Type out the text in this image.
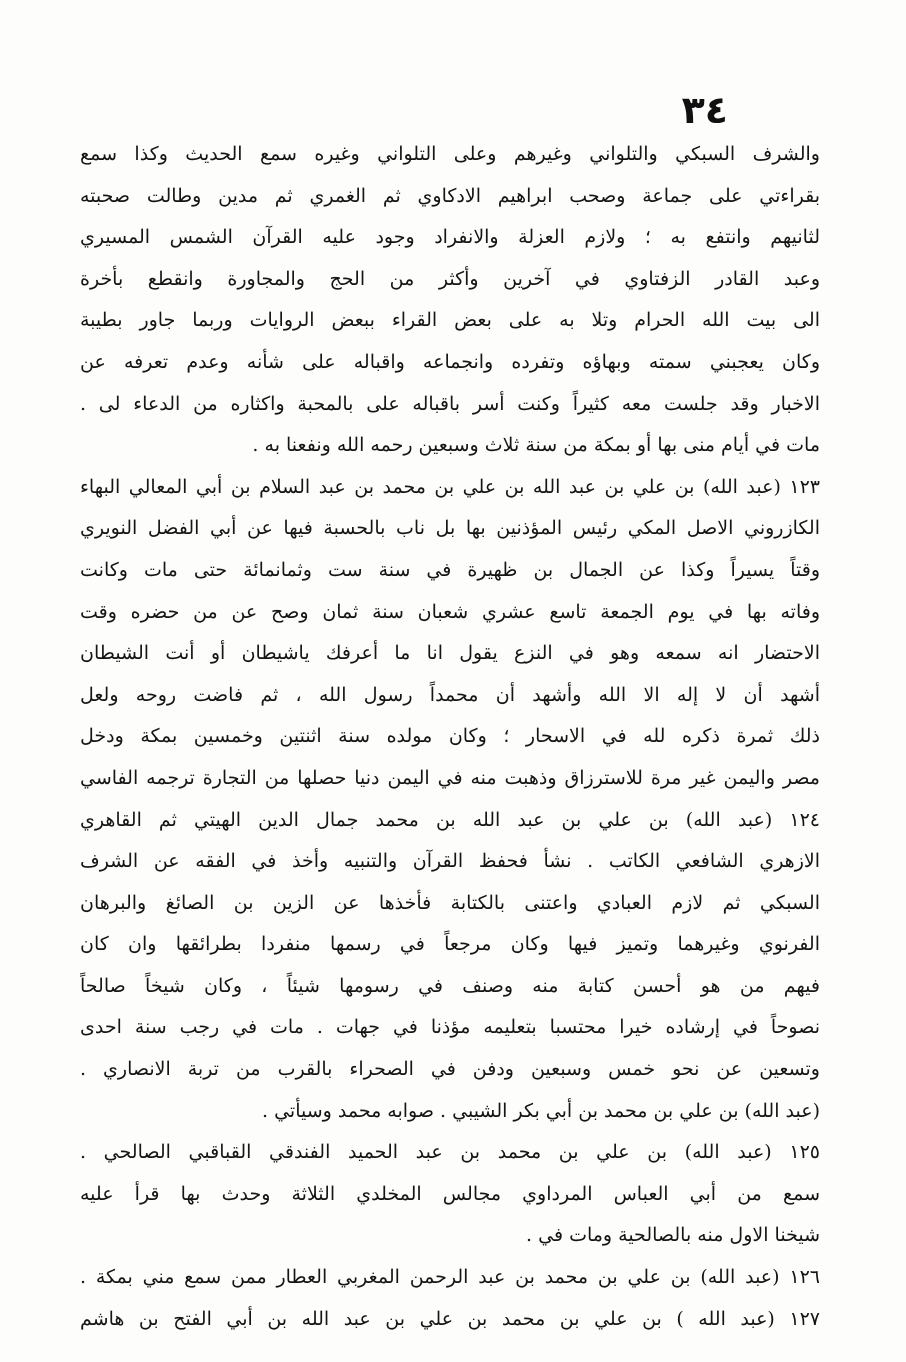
٣٤
والشرف السبكي والتلواني وغيرهم وعلى التلواني وغيره سمع الحديث وكذا سمع
بقراءتي على جماعة وصحب ابراهيم الادكاوي ثم الغمري ثم مدين وطالت صحبته
لثانيهم وانتفع به ؛ ولازم العزلة والانفراد وجود عليه القرآن الشمس المسيري
وعبد القادر الزفتاوي في آخرين وأكثر من الحج والمجاورة وانقطع بأخرة
الى بيت الله الحرام وتلا به على بعض القراء ببعض الروايات وربما جاور بطيبة
وكان يعجبني سمته وبهاؤه وتفرده وانجماعه واقباله على شأنه وعدم تعرفه عن
الاخبار وقد جلست معه كثيراً وكنت أسر باقباله على بالمحبة واكثاره من الدعاء لى .
مات في أيام منى بها أو بمكة من سنة ثلاث وسبعين رحمه الله ونفعنا به .
١٢٣ (عبد الله) بن علي بن عبد الله بن علي بن محمد بن عبد السلام بن أبي المعالي البهاء
الكازروني الاصل المكي رئيس المؤذنين بها بل ناب بالحسبة فيها عن أبي الفضل النويري
وقتاً يسيراً وكذا عن الجمال بن ظهيرة في سنة ست وثمانمائة حتى مات وكانت
وفاته بها في يوم الجمعة تاسع عشري شعبان سنة ثمان وصح عن من حضره وقت
الاحتضار انه سمعه وهو في النزع يقول انا ما أعرفك ياشيطان أو أنت الشيطان
أشهد أن لا إله الا الله وأشهد أن محمداً رسول الله ، ثم فاضت روحه ولعل
ذلك ثمرة ذكره لله في الاسحار ؛ وكان مولده سنة اثنتين وخمسين بمكة ودخل
مصر واليمن غير مرة للاسترزاق وذهبت منه في اليمن دنيا حصلها من التجارة ترجمه الفاسي
١٢٤ (عبد الله) بن علي بن عبد الله بن محمد جمال الدين الهيتي ثم القاهري
الازهري الشافعي الكاتب . نشأ فحفظ القرآن والتنبيه وأخذ في الفقه عن الشرف
السبكي ثم لازم العبادي واعتنى بالكتابة فأخذها عن الزين بن الصائغ والبرهان
الفرنوي وغيرهما وتميز فيها وكان مرجعاً في رسمها منفردا بطرائقها وان كان
فيهم من هو أحسن كتابة منه وصنف في رسومها شيئاً ، وكان شيخاً صالحاً
نصوحاً في إرشاده خيرا محتسبا بتعليمه مؤذنا في جهات . مات في رجب سنة احدى
وتسعين عن نحو خمس وسبعين ودفن في الصحراء بالقرب من تربة الانصاري .
(عبد الله) بن علي بن محمد بن أبي بكر الشيبي . صوابه محمد وسيأتي .
١٢٥ (عبد الله) بن علي بن محمد بن عبد الحميد الفندقي القباقبي الصالحي .
سمع من أبي العباس المرداوي مجالس المخلدي الثلاثة وحدث بها قرأ عليه
شيخنا الاول منه بالصالحية ومات في .
١٢٦ (عبد الله) بن علي بن محمد بن عبد الرحمن المغربي العطار ممن سمع مني بمكة .
١٢٧ (عبد الله ) بن علي بن محمد بن علي بن عبد الله بن أبي الفتح بن هاشم
